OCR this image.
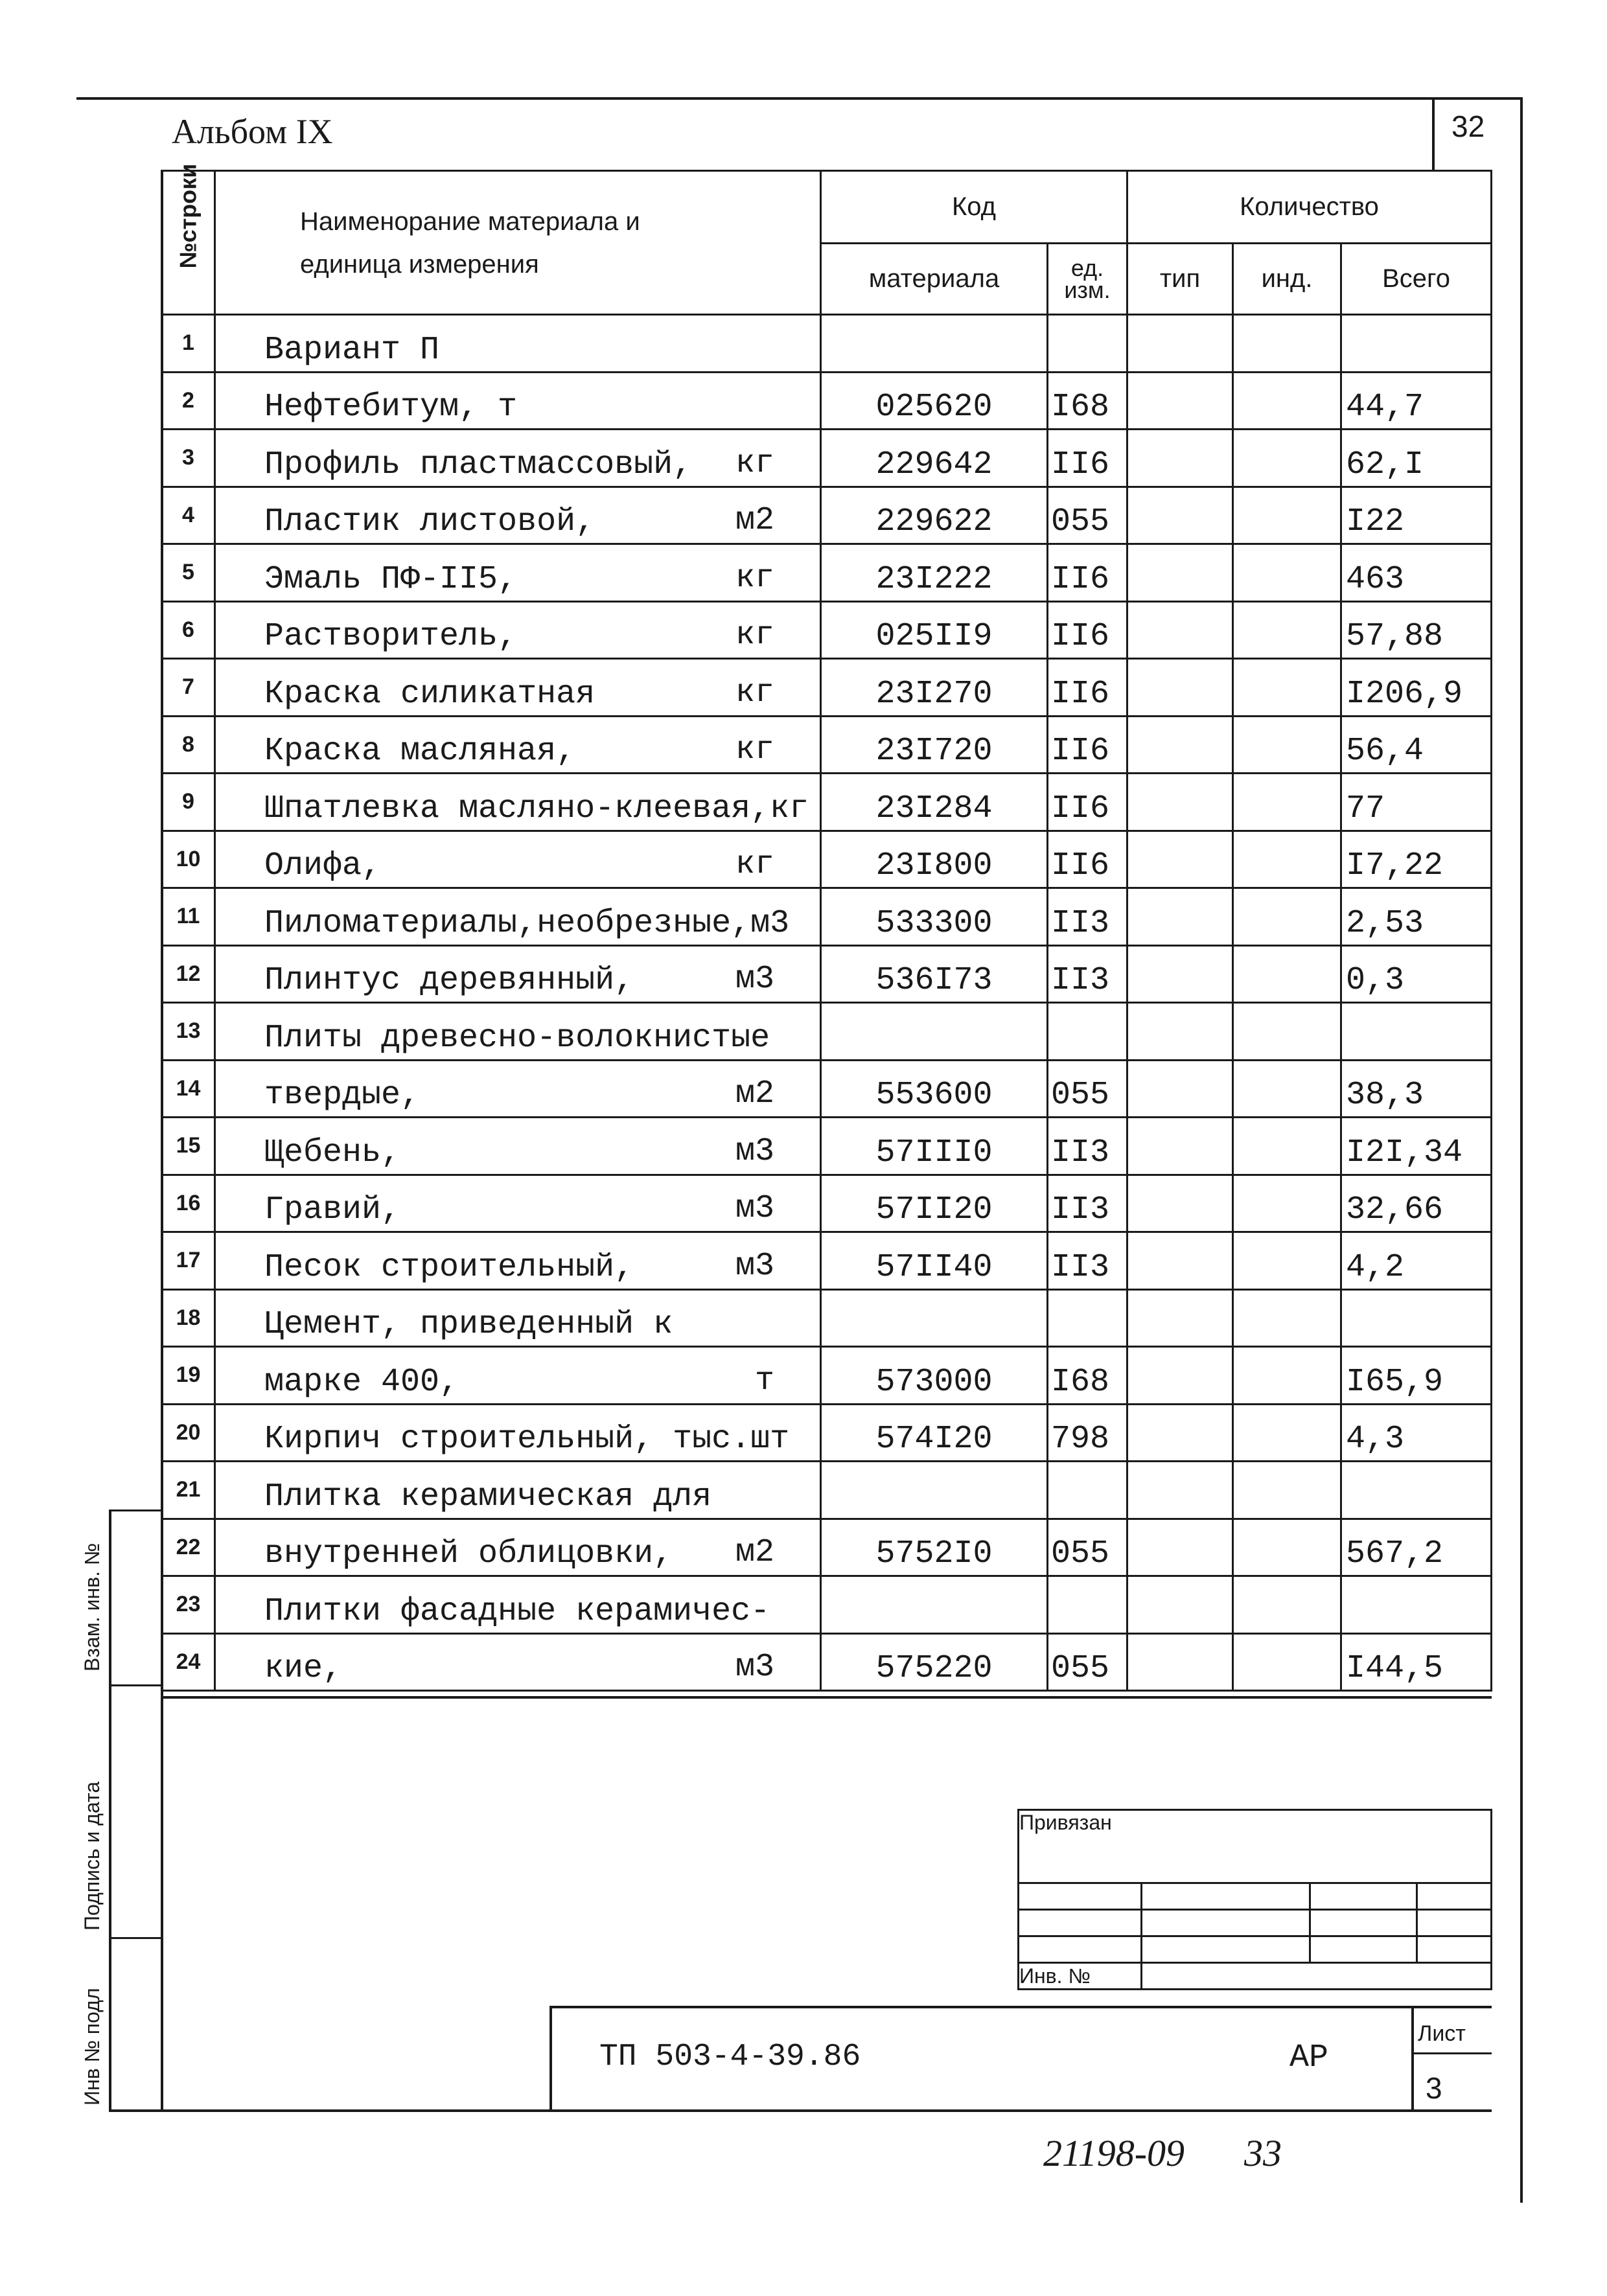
Альбом IX	32
№строки	Наименорание материала и единица измерения	Код		Количество		
		материала	ед. изм.	тип	инд.	Всего
1	Вариант П

2	Нефтебитум, т	025620	I68			44,7
3	Профиль пластмассовый, кг	229642	II6			62,I
4	Пластик листовой, м2	229622	055			I22
5	Эмаль ПФ-II5, кг	23I222	II6			463
6	Растворитель, кг	025II9	II6			57,88
7	Краска силикатная кг	23I270	II6			I206,9
8	Краска масляная, кг	23I720	II6			56,4
9	Шпатлевка масляно-клеевая,кг	23I284	II6			77
10	Олифа, кг	23I800	II6			I7,22
11	Пиломатериалы,необрезные,м3	533300	II3			2,53
12	Плинтус деревянный, м3	536I73	II3			0,3
13	Плиты древесно-волокнистые

14	твердые, м2	553600	055			38,3
15	Щебень, м3	57III0	II3			I2I,34
16	Гравий, м3	57II20	II3			32,66
17	Песок строительный, м3	57II40	II3			4,2
18	Цемент, приведенный к

19	марке 400, т	573000	I68			I65,9
20	Кирпич строительный, тыс.шт	574I20	798			4,3
21	Плитка керамическая для

22	внутренней облицовки, м2	5752I0	055			567,2
23	Плитки фасадные керамичес-

24	кие, м3	575220	055			I44,5
Взам. инв. №
Подпись и дата
Инв № подл
Привязан			

Инв. №			
ТП 503-4-39.86	АР
Лист
3
21198-09 33
